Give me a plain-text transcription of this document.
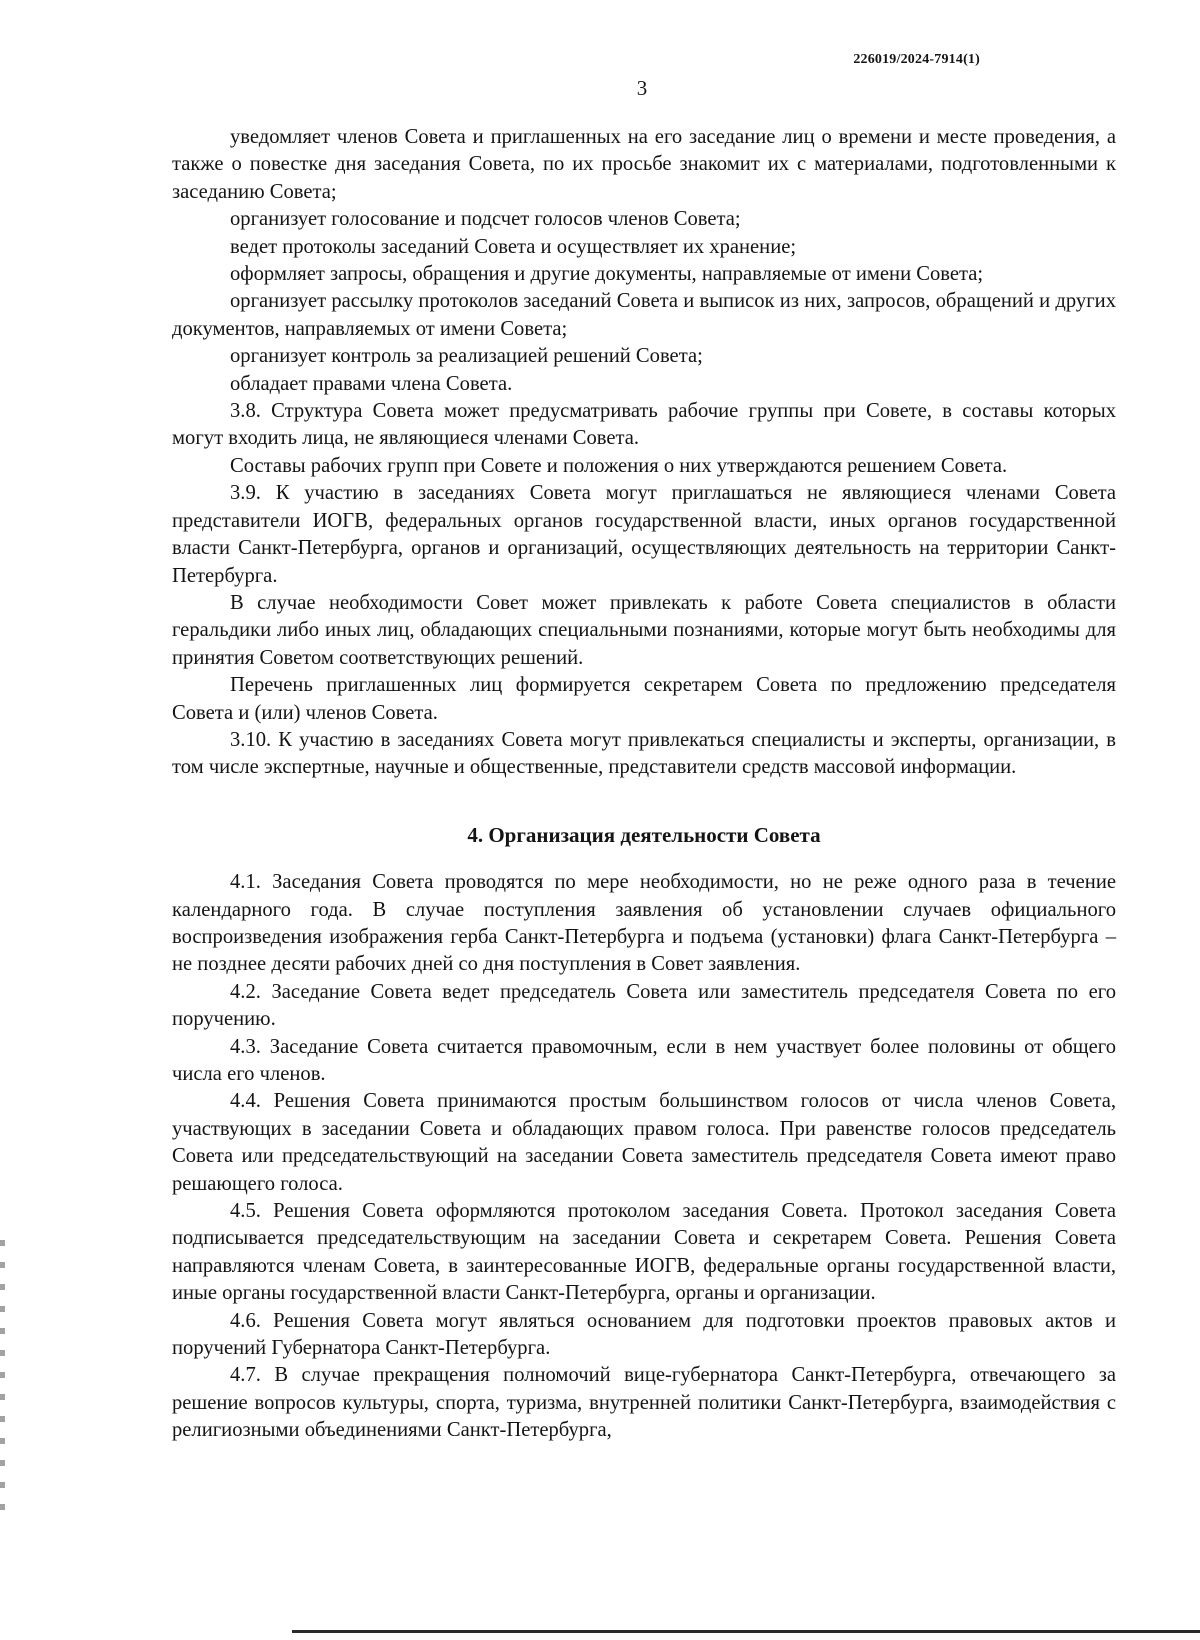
226019/2024-7914(1)
3

уведомляет членов Совета и приглашенных на его заседание лиц о времени и месте проведения, а также о повестке дня заседания Совета, по их просьбе знакомит их с материалами, подготовленными к заседанию Совета;

организует голосование и подсчет голосов членов Совета;

ведет протоколы заседаний Совета и осуществляет их хранение;

оформляет запросы, обращения и другие документы, направляемые от имени Совета;

организует рассылку протоколов заседаний Совета и выписок из них, запросов, обращений и других документов, направляемых от имени Совета;

организует контроль за реализацией решений Совета;

обладает правами члена Совета.

3.8. Структура Совета может предусматривать рабочие группы при Совете, в составы которых могут входить лица, не являющиеся членами Совета.

Составы рабочих групп при Совете и положения о них утверждаются решением Совета.

3.9. К участию в заседаниях Совета могут приглашаться не являющиеся членами Совета представители ИОГВ, федеральных органов государственной власти, иных органов государственной власти Санкт-Петербурга, органов и организаций, осуществляющих деятельность на территории Санкт-Петербурга.

В случае необходимости Совет может привлекать к работе Совета специалистов в области геральдики либо иных лиц, обладающих специальными познаниями, которые могут быть необходимы для принятия Советом соответствующих решений.

Перечень приглашенных лиц формируется секретарем Совета по предложению председателя Совета и (или) членов Совета.

3.10. К участию в заседаниях Совета могут привлекаться специалисты и эксперты, организации, в том числе экспертные, научные и общественные, представители средств массовой информации.

4. Организация деятельности Совета

4.1. Заседания Совета проводятся по мере необходимости, но не реже одного раза в течение календарного года. В случае поступления заявления об установлении случаев официального воспроизведения изображения герба Санкт-Петербурга и подъема (установки) флага Санкт-Петербурга – не позднее десяти рабочих дней со дня поступления в Совет заявления.

4.2. Заседание Совета ведет председатель Совета или заместитель председателя Совета по его поручению.

4.3. Заседание Совета считается правомочным, если в нем участвует более половины от общего числа его членов.

4.4. Решения Совета принимаются простым большинством голосов от числа членов Совета, участвующих в заседании Совета и обладающих правом голоса. При равенстве голосов председатель Совета или председательствующий на заседании Совета заместитель председателя Совета имеют право решающего голоса.

4.5. Решения Совета оформляются протоколом заседания Совета. Протокол заседания Совета подписывается председательствующим на заседании Совета и секретарем Совета. Решения Совета направляются членам Совета, в заинтересованные ИОГВ, федеральные органы государственной власти, иные органы государственной власти Санкт-Петербурга, органы и организации.

4.6. Решения Совета могут являться основанием для подготовки проектов правовых актов и поручений Губернатора Санкт-Петербурга.

4.7. В случае прекращения полномочий вице-губернатора Санкт-Петербурга, отвечающего за решение вопросов культуры, спорта, туризма, внутренней политики Санкт-Петербурга, взаимодействия с религиозными объединениями Санкт-Петербурга,
